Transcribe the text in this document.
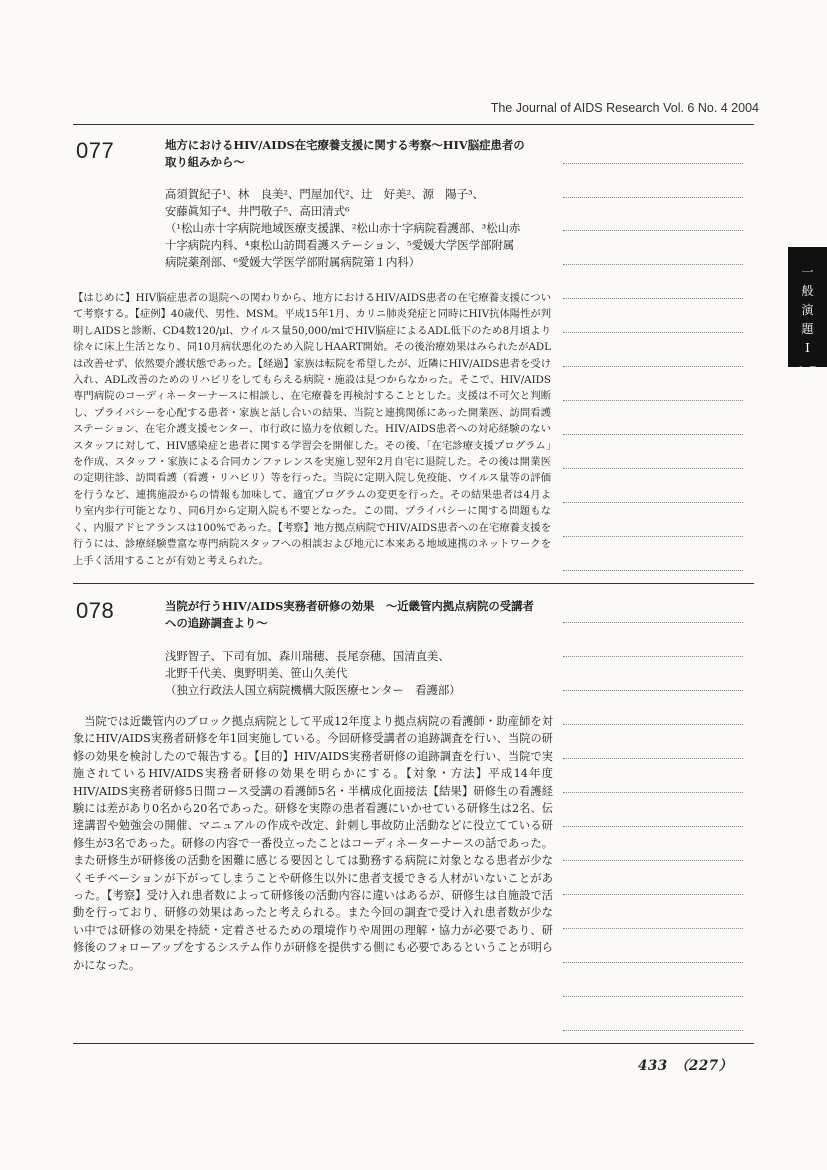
The Journal of AIDS Research Vol. 6 No. 4 2004
077	地方におけるHIV/AIDS在宅療養支援に関する考察～HIV脳症患者の取り組みから～
高須賀紀子¹、林　良美²、門屋加代²、辻　好美²、源　陽子³、
安藤眞知子⁴、井門敬子⁵、高田清式⁶
（¹松山赤十字病院地域医療支援課、²松山赤十字病院看護部、³松山赤
十字病院内科、⁴東松山訪問看護ステーション、⁵愛媛大学医学部附属
病院薬剤部、⁶愛媛大学医学部附属病院第１内科）
【はじめに】HIV脳症患者の退院への関わりから、地方におけるHIV/AIDS患者の在宅療養支援について考察する。【症例】40歳代、男性、MSM。平成15年1月、カリニ肺炎発症と同時にHIV抗体陽性が判明しAIDSと診断、CD4数120/μl、ウイルス量50,000/mlでHIV脳症によるADL低下のため8月頃より徐々に床上生活となり、同10月病状悪化のため入院しHAART開始。その後治療効果はみられたがADLは改善せず、依然要介護状態であった。【経過】家族は転院を希望したが、近隣にHIV/AIDS患者を受け入れ、ADL改善のためのリハビリをしてもらえる病院・施設は見つからなかった。そこで、HIV/AIDS専門病院のコーディネーターナースに相談し、在宅療養を再検討することとした。支援は不可欠と判断し、プライバシーを心配する患者・家族と話し合いの結果、当院と連携関係にあった開業医、訪問看護ステーション、在宅介護支援センター、市行政に協力を依頼した。HIV/AIDS患者への対応経験のないスタッフに対して、HIV感染症と患者に関する学習会を開催した。その後、「在宅診療支援プログラム」を作成、スタッフ・家族による合同カンファレンスを実施し翌年2月自宅に退院した。その後は開業医の定期往診、訪問看護（看護・リハビリ）等を行った。当院に定期入院し免疫能、ウイルス量等の評価を行うなど、連携施設からの情報も加味して、適宜プログラムの変更を行った。その結果患者は4月より室内歩行可能となり、同6月から定期入院も不要となった。この間、プライバシーに関する問題もなく、内服アドヒアランスは100%であった。【考察】地方拠点病院でHIV/AIDS患者への在宅療養支援を行うには、診療経験豊富な専門病院スタッフへの相談および地元に本来ある地域連携のネットワークを上手く活用することが有効と考えられた。
078	当院が行うHIV/AIDS実務者研修の効果　～近畿管内拠点病院の受講者への追跡調査より～
浅野智子、下司有加、森川瑞穂、長尾奈穂、国清直美、
北野千代美、奥野明美、笹山久美代
（独立行政法人国立病院機構大阪医療センター　看護部）
当院では近畿管内のブロック拠点病院として平成12年度より拠点病院の看護師・助産師を対象にHIV/AIDS実務者研修を年1回実施している。今回研修受講者の追跡調査を行い、当院の研修の効果を検討したので報告する。【目的】HIV/AIDS実務者研修の追跡調査を行い、当院で実施されているHIV/AIDS実務者研修の効果を明らかにする。【対象・方法】平成14年度HIV/AIDS実務者研修5日間コース受講の看護師5名・半構成化面接法【結果】研修生の看護経験には差があり0名から20名であった。研修を実際の患者看護にいかせている研修生は2名、伝達講習や勉強会の開催、マニュアルの作成や改定、針刺し事故防止活動などに役立てている研修生が3名であった。研修の内容で一番役立ったことはコーディネーターナースの話であった。また研修生が研修後の活動を困難に感じる要因としては勤務する病院に対象となる患者が少なくモチベーションが下がってしまうことや研修生以外に患者支援できる人材がいないことがあった。【考察】受け入れ患者数によって研修後の活動内容に違いはあるが、研修生は自施設で活動を行っており、研修の効果はあったと考えられる。また今回の調査で受け入れ患者数が少ない中では研修の効果を持続・定着させるための環境作りや周囲の理解・協力が必要であり、研修後のフォローアップをするシステム作りが研修を提供する側にも必要であるということが明らかになった。
一
般
演
題
Ⅰ
9 Ⅱ
433　（227）
